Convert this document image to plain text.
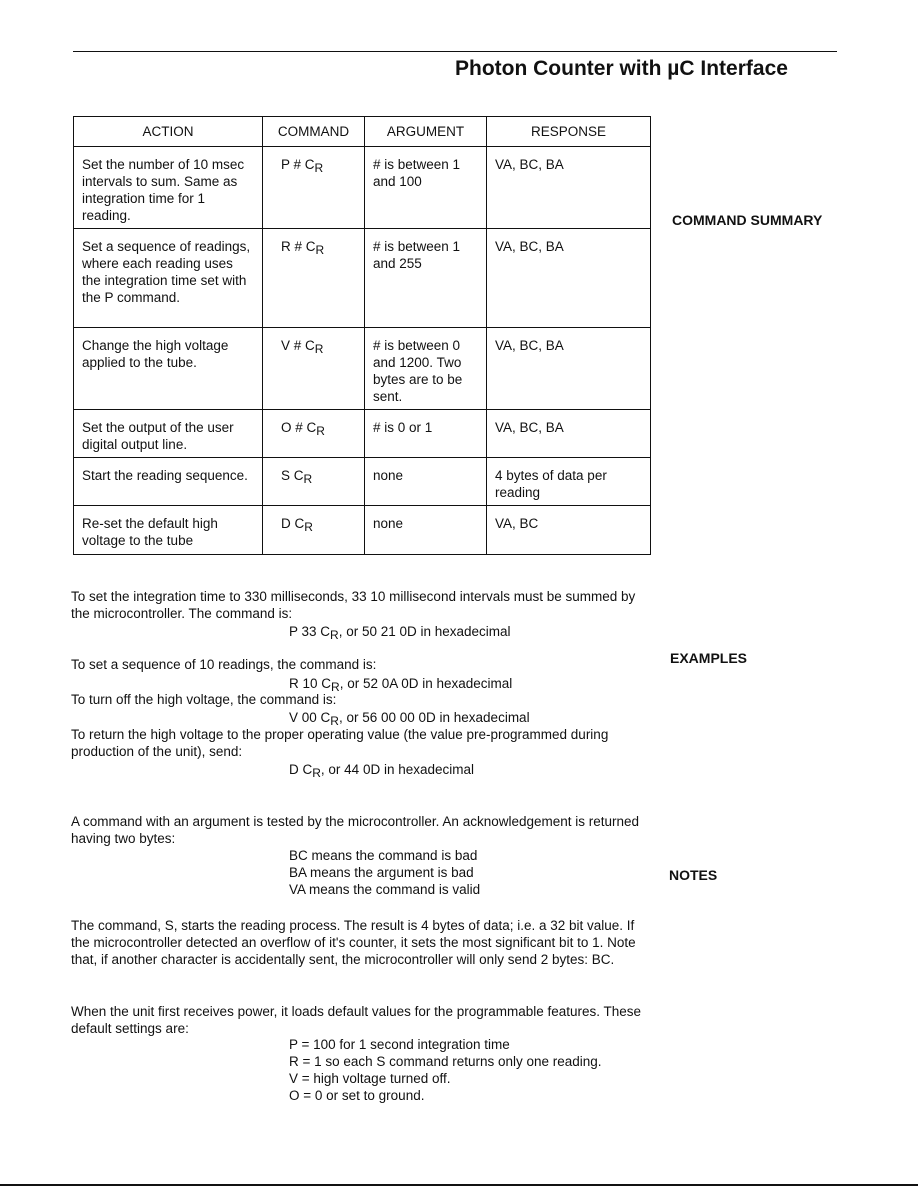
Photon Counter with µC Interface
COMMAND SUMMARY
EXAMPLES
NOTES
ACTION	COMMAND	ARGUMENT	RESPONSE
Set the number of 10 msec intervals to sum. Same as integration time for 1 reading.	P # CR	# is between 1 and 100	VA, BC, BA
Set a sequence of readings, where each reading uses the integration time set with the P command.	R # CR	# is between 1 and 255	VA, BC, BA
Change the high voltage applied to the tube.	V # CR	# is between 0 and 1200. Two bytes are to be sent.	VA, BC, BA
Set the output of the user digital output line.	O # CR	# is 0 or 1	VA, BC, BA
Start the reading sequence.	S CR	none	4 bytes of data per reading
Re-set the default high voltage to the tube	D CR	none	VA, BC
To set the integration time to 330 milliseconds, 33 10 millisecond intervals must be summed by the microcontroller. The command is:
P 33 CR, or 50 21 0D in hexadecimal
To set a sequence of 10 readings, the command is:
R 10 CR, or 52 0A 0D in hexadecimal
To turn off the high voltage, the command is:
V 00 CR, or 56 00 00 0D in hexadecimal
To return the high voltage to the proper operating value (the value pre-programmed during production of the unit), send:
D CR, or 44 0D in hexadecimal
A command with an argument is tested by the microcontroller. An acknowledgement is returned having two bytes:
BC means the command is bad
BA means the argument is bad
VA means the command is valid
The command, S, starts the reading process. The result is 4 bytes of data; i.e. a 32 bit value. If the microcontroller detected an overflow of it's counter, it sets the most significant bit to 1. Note that, if another character is accidentally sent, the microcontroller will only send 2 bytes: BC.
When the unit first receives power, it loads default values for the programmable features. These default settings are:
P = 100 for 1 second integration time
R = 1 so each S command returns only one reading.
V = high voltage turned off.
O = 0 or set to ground.
